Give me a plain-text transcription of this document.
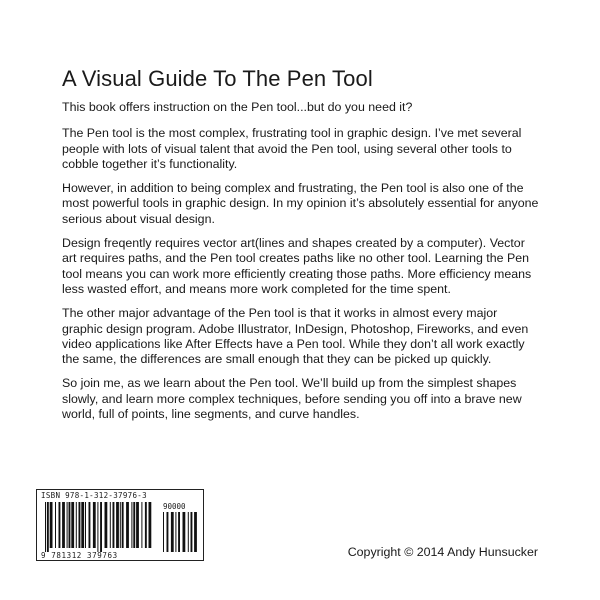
A Visual Guide To The Pen Tool

This book offers instruction on the Pen tool...but do you need it?

The Pen tool is the most complex, frustrating tool in graphic design. I’ve met several people with lots of visual talent that avoid the Pen tool, using several other tools to cobble together it’s functionality.

However, in addition to being complex and frustrating, the Pen tool is also one of the most powerful tools in graphic design. In my opinion it’s absolutely essential for anyone serious about visual design.

Design freqently requires vector art(lines and shapes created by a computer). Vector art requires paths, and the Pen tool creates paths like no other tool. Learning the Pen tool means you can work more efficiently creating those paths. More efficiency means less wasted effort, and means more work completed for the time spent.

The other major advantage of the Pen tool is that it works in almost every major graphic design program. Adobe Illustrator, InDesign, Photoshop, Fireworks, and even video applications like After Effects have a Pen tool. While they don’t all work exactly the same, the differences are small enough that they can be picked up quickly.

So join me, as we learn about the Pen tool. We’ll build up from the simplest shapes slowly, and learn more complex techniques, before sending you off into a brave new world, full of points, line segments, and curve handles.

ISBN 978-1-312-37976-3
90000
9 781312 379763	Copyright © 2014 Andy Hunsucker
